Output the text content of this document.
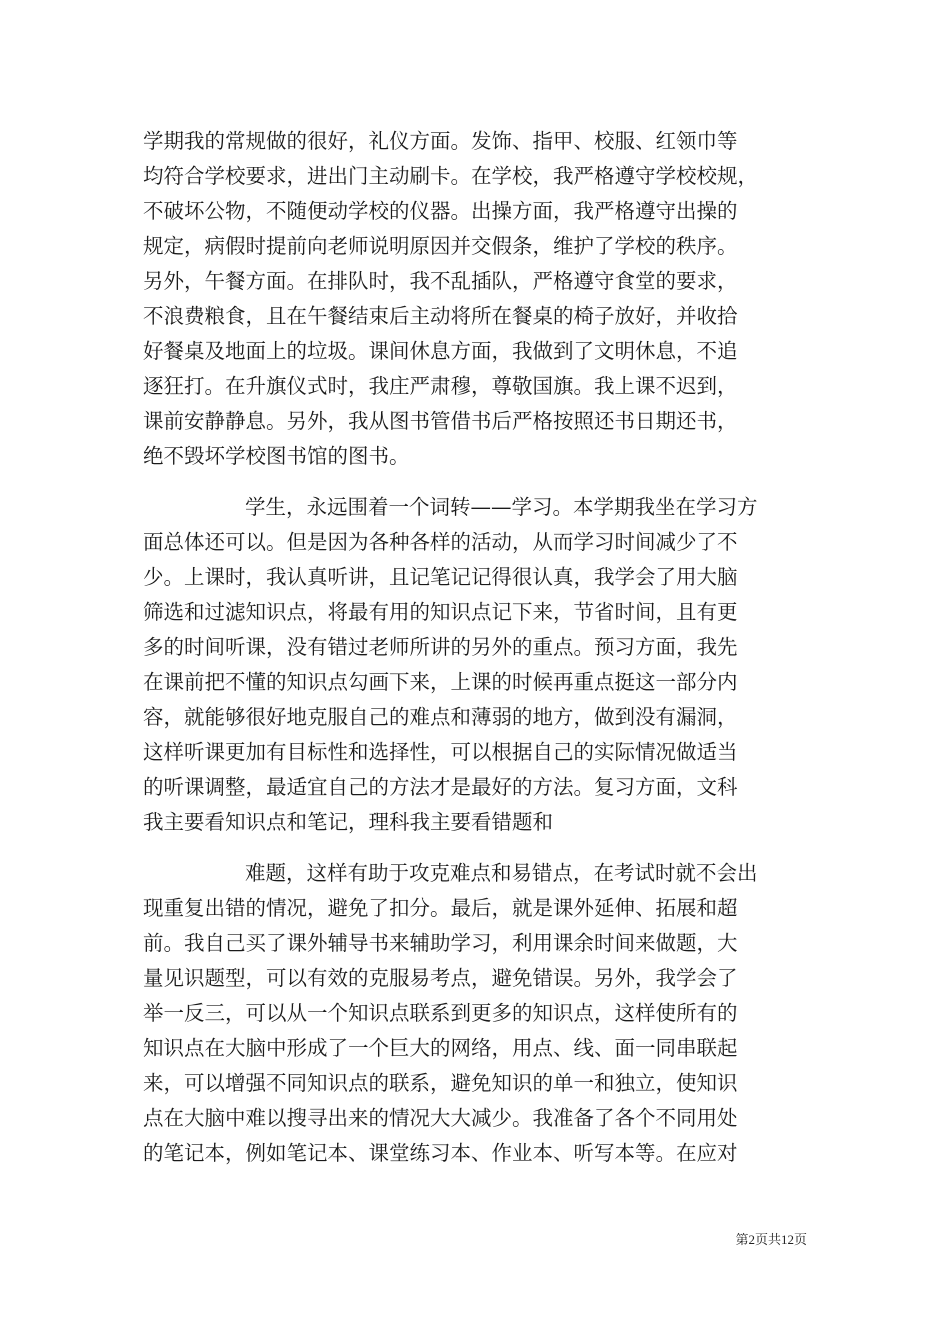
学期我的常规做的很好，礼仪方面。发饰、指甲、校服、红领巾等

均符合学校要求，进出门主动刷卡。在学校，我严格遵守学校校规，

不破坏公物，不随便动学校的仪器。出操方面，我严格遵守出操的

规定，病假时提前向老师说明原因并交假条，维护了学校的秩序。

另外，午餐方面。在排队时，我不乱插队，严格遵守食堂的要求，

不浪费粮食，且在午餐结束后主动将所在餐桌的椅子放好，并收拾

好餐桌及地面上的垃圾。课间休息方面，我做到了文明休息，不追

逐狂打。在升旗仪式时，我庄严肃穆，尊敬国旗。我上课不迟到，

课前安静静息。另外，我从图书管借书后严格按照还书日期还书，

绝不毁坏学校图书馆的图书。

学生，永远围着一个词转——学习。本学期我坐在学习方

面总体还可以。但是因为各种各样的活动，从而学习时间减少了不

少。上课时，我认真听讲，且记笔记记得很认真，我学会了用大脑

筛选和过滤知识点，将最有用的知识点记下来，节省时间，且有更

多的时间听课，没有错过老师所讲的另外的重点。预习方面，我先

在课前把不懂的知识点勾画下来，上课的时候再重点挺这一部分内

容，就能够很好地克服自己的难点和薄弱的地方，做到没有漏洞，

这样听课更加有目标性和选择性，可以根据自己的实际情况做适当

的听课调整，最适宜自己的方法才是最好的方法。复习方面，文科

我主要看知识点和笔记，理科我主要看错题和

难题，这样有助于攻克难点和易错点，在考试时就不会出

现重复出错的情况，避免了扣分。最后，就是课外延伸、拓展和超

前。我自己买了课外辅导书来辅助学习，利用课余时间来做题，大

量见识题型，可以有效的克服易考点，避免错误。另外，我学会了

举一反三，可以从一个知识点联系到更多的知识点，这样使所有的

知识点在大脑中形成了一个巨大的网络，用点、线、面一同串联起

来，可以增强不同知识点的联系，避免知识的单一和独立，使知识

点在大脑中难以搜寻出来的情况大大减少。我准备了各个不同用处

的笔记本，例如笔记本、课堂练习本、作业本、听写本等。在应对

第2页共12页
